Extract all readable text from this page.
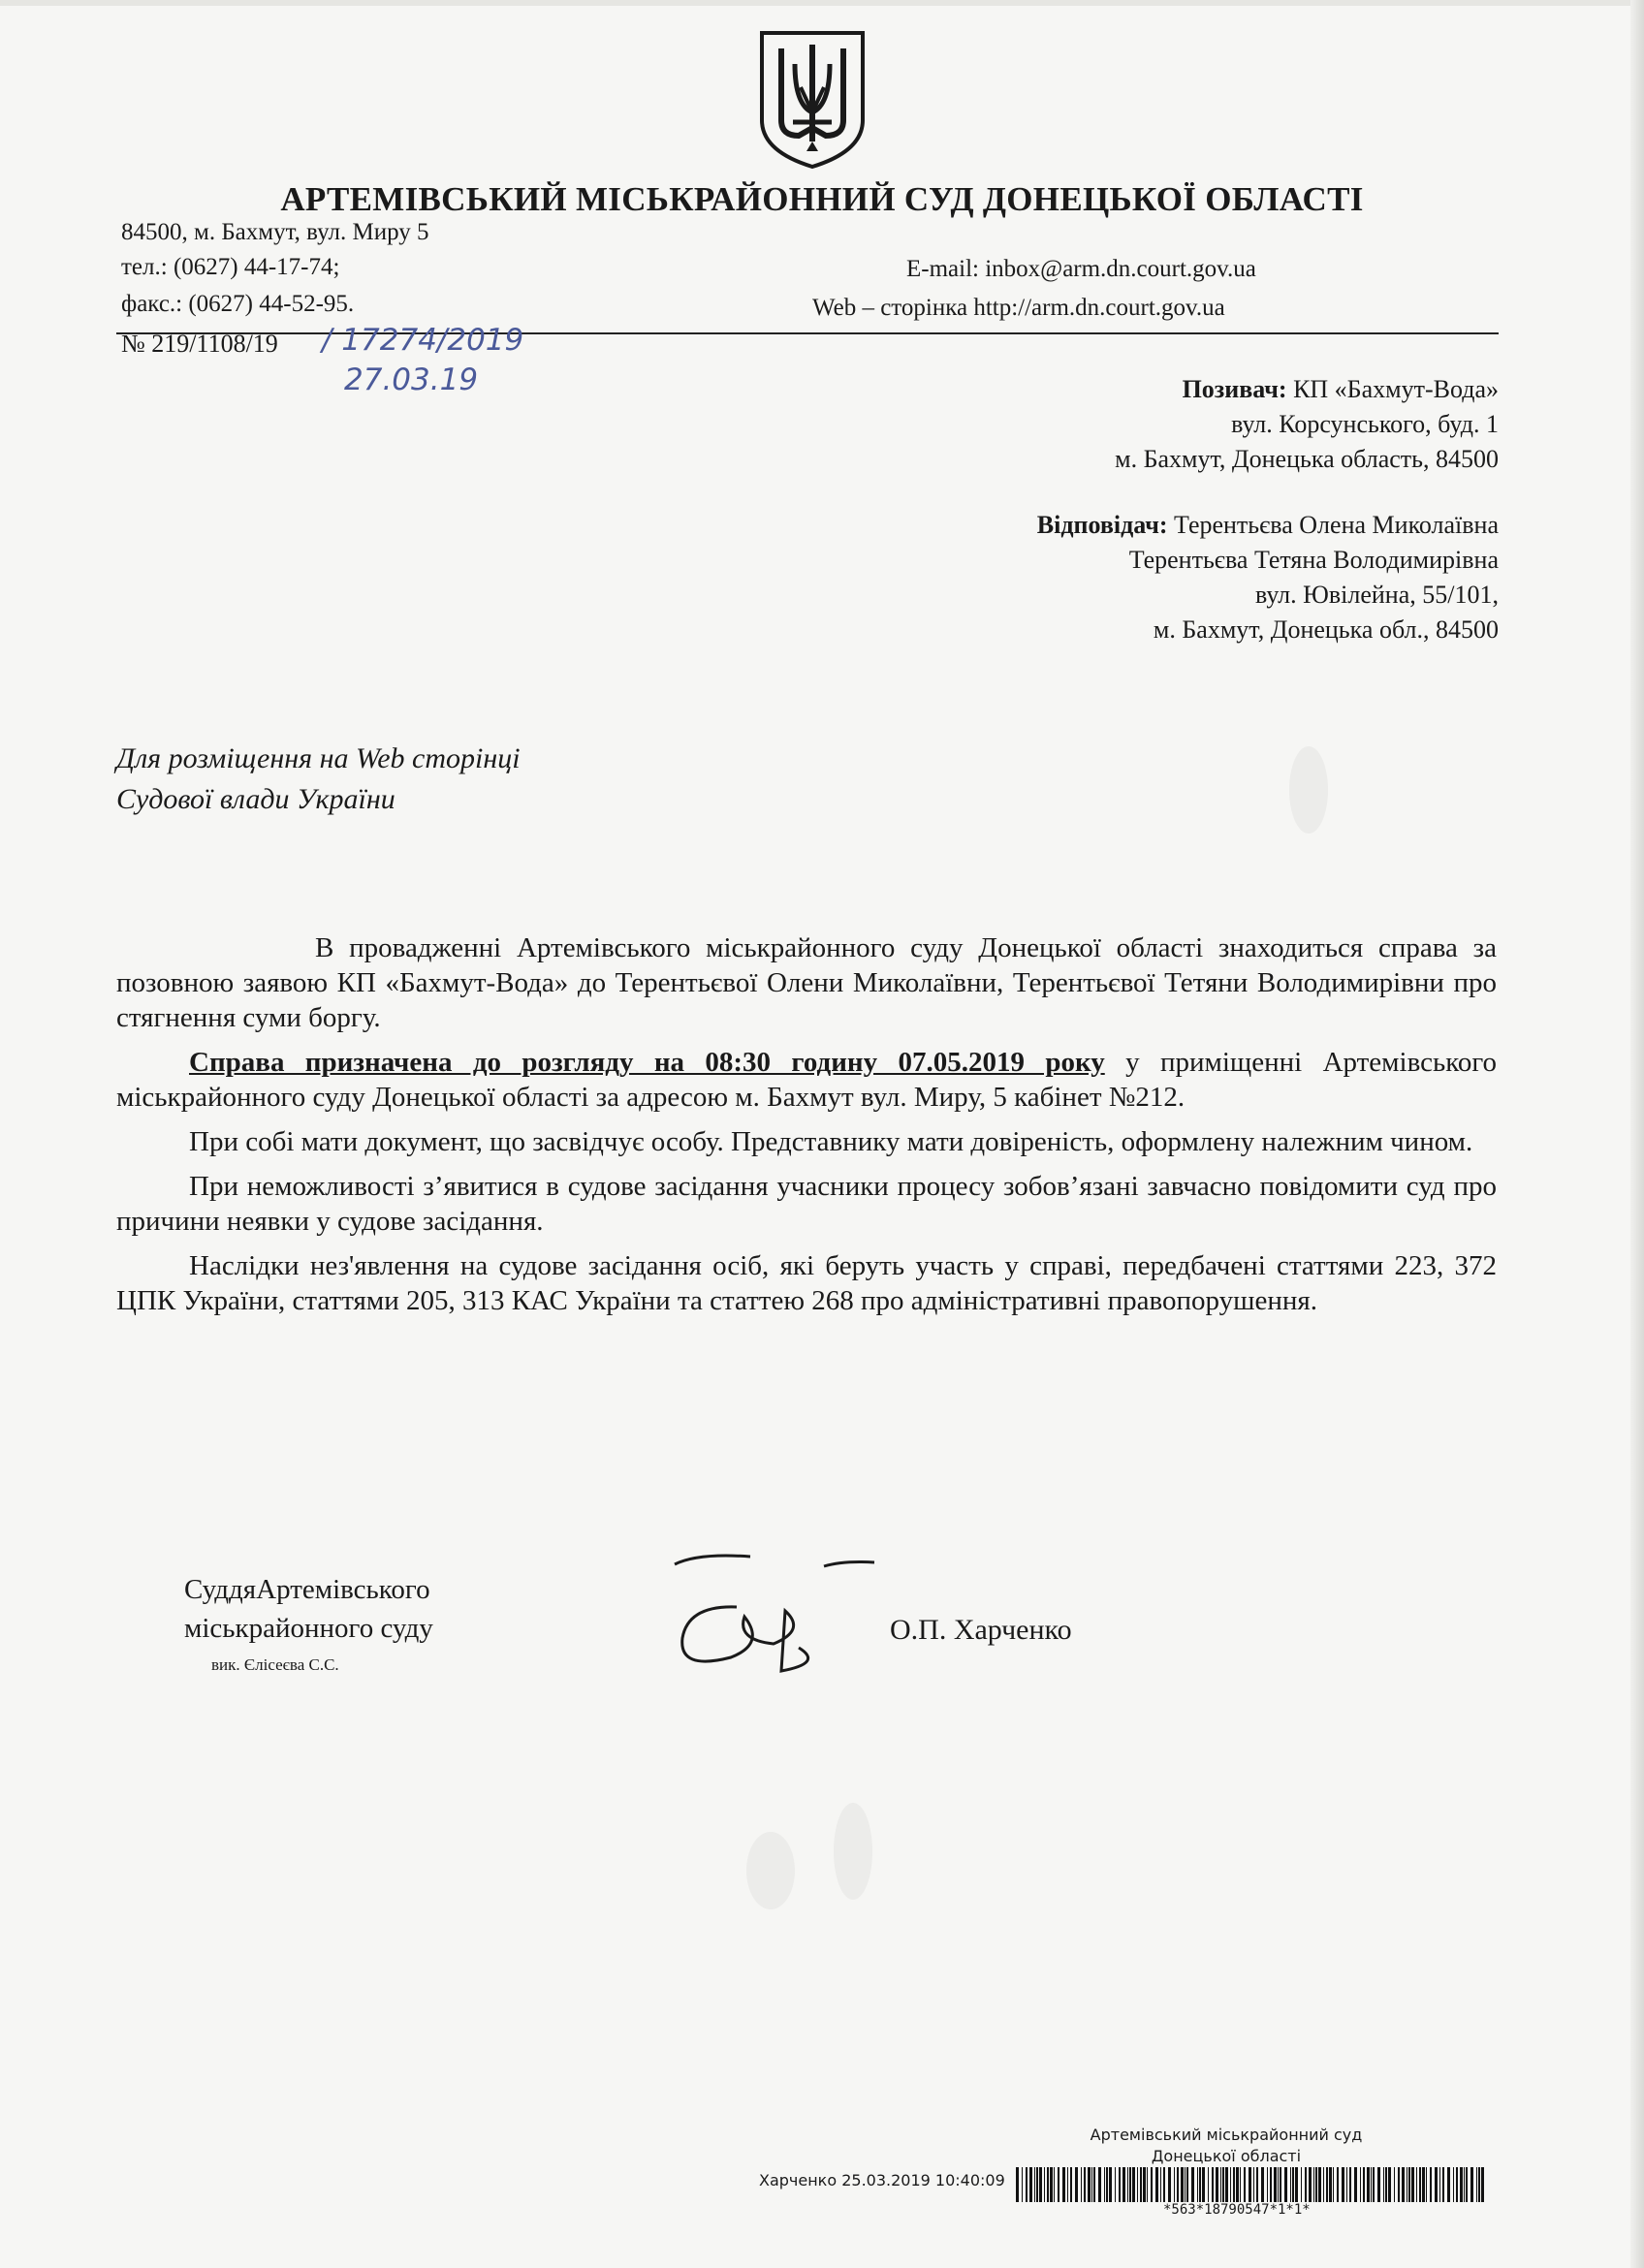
АРТЕМІВСЬКИЙ МІСЬКРАЙОННИЙ СУД ДОНЕЦЬКОЇ ОБЛАСТІ
84500, м. Бахмут, вул. Миру 5
тел.: (0627) 44-17-74;
факс.: (0627) 44-52-95.
E-mail: inbox@arm.dn.court.gov.ua
Web – сторінка http://arm.dn.court.gov.ua
№ 219/1108/19 / 17274/2019
27.03.19	Позивач: КП «Бахмут-Вода»
вул. Корсунського, буд. 1
м. Бахмут, Донецька область, 84500
Відповідач: Терентьєва Олена Миколаївна
Терентьєва Тетяна Володимирівна
вул. Ювілейна, 55/101,
м. Бахмут, Донецька обл., 84500
Для розміщення на Web сторінці
Судової влади України

В провадженні Артемівського міськрайонного суду Донецької області знаходиться справа за позовною заявою КП «Бахмут-Вода» до Терентьєвої Олени Миколаївни, Терентьєвої Тетяни Володимирівни про стягнення суми боргу.

Справа призначена до розгляду на 08:30 годину 07.05.2019 року у приміщенні Артемівського міськрайонного суду Донецької області за адресою м. Бахмут вул. Миру, 5 кабінет №212.

При собі мати документ, що засвідчує особу. Представнику мати довіреність, оформлену належним чином.

При неможливості з’явитися в судове засідання учасники процесу зобов’язані завчасно повідомити суд про причини неявки у судове засідання.

Наслідки нез'явлення на судове засідання осіб, які беруть участь у справі, передбачені статтями 223, 372 ЦПК України, статтями 205, 313 КАС України та статтею 268 про адміністративні правопорушення.

СуддяАртемівського
міськрайонного суду
вик. Єлісеєва С.С.
О.П. Харченко
Артемівський міськрайонний суд
Донецької області
Харченко 25.03.2019 10:40:09
*563*18790547*1*1*
